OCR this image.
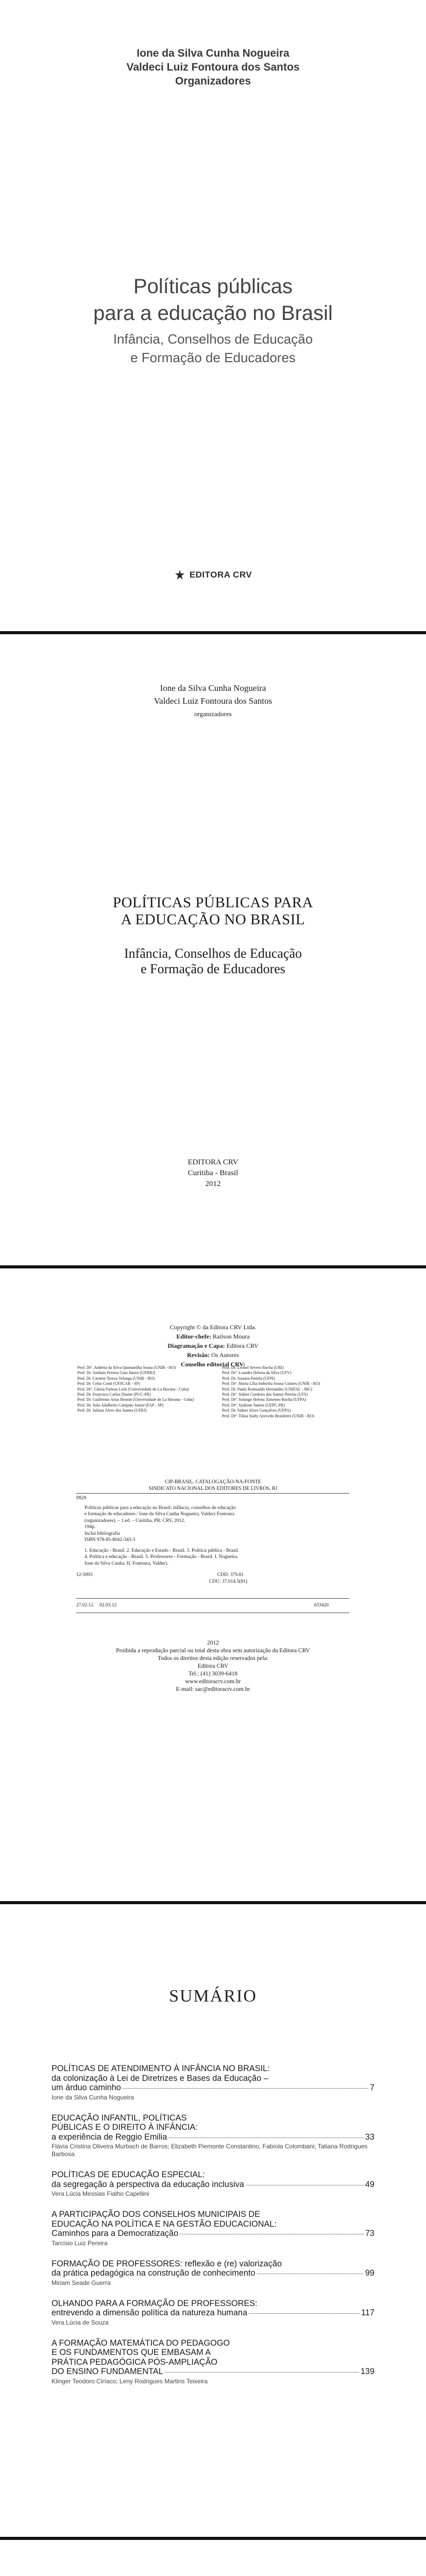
Ione da Silva Cunha Nogueira
Valdeci Luiz Fontoura dos Santos
Organizadores
Políticas públicas
para a educação no Brasil
Infância, Conselhos de Educação
e Formação de Educadores
EDITORA CRV
Ione da Silva Cunha Nogueira
Valdeci Luiz Fontoura dos Santos
organizadores
POLÍTICAS PÚBLICAS PARA
A EDUCAÇÃO NO BRASIL
Infância, Conselhos de Educação
e Formação de Educadores
EDITORA CRV
Curitiba - Brasil
2012
Copyright © da Editora CRV Ltda.
Editor-chefe: Railson Moura
Diagramação e Capa: Editora CRV
Revisão: Os Autores
Conselho editorial CRV:
Prof. Drª. Andréia da Silva Quintanilha Sousa (UNIR - RO)
Prof. Dr. Antônio Pereira Gaio Júnior (UFRRJ)
Prof. Dr. Carmen Tereza Velanga (UNIR - RO)
Prof. Dr. Celso Conti (UFSCAR - SP)
Prof. Drª. Gloria Farinas León (Universidade de La Havana - Cuba)
Prof. Dr. Francisco Carlos Duarte (PUC-PR)
Prof. Dr. Guillermo Arias Beatón (Universidade de La Havana - Cuba)
Prof. Dr. João Adalberto Campato Junior (FAP - SP)
Prof. Dr. Jailson Alves dos Santos (UFRJ)
Prof. Dr. Leonel Severo Rocha (URI)
Prof. Drª. Lourdes Helena da Silva (UFV)
Prof. Dr. Josania Portela (UFPI)
Prof. Drª. Maria Lília Imbiriba Sousa Colares (UNIR - RO)
Prof. Dr. Paulo Romualdo Hernandes (UNIFAL - MG)
Prof. Drª. Sídnei Cordeiro dos Santos Pereira (UFS)
Prof. Drª. Solange Helena Ximenes-Rocha (UFPA)
Prof. Drª. Sydione Santos (UEPG PR)
Prof. Dr. Sidnei Alves Gonçalves (UFPA)
Prof. Drª. Tânia Suely Azevedo Brasileiro (UNIR - RO)
CIP-BRASIL. CATALOGAÇÃO-NA-FONTE
SINDICATO NACIONAL DOS EDITORES DE LIVROS, RJ
P829
Políticas públicas para a educação no Brasil: infância, conselhos de educação
e formação de educadores / Ione da Silva Cunha Nogueira, Valdeci Fontoura
(organizadores). – 1.ed. – Curitiba, PR: CRV, 2012.
194p.
Inclui bibliografia
ISBN 978-85-8042-343-3
1. Educação - Brasil. 2. Educação e Estado - Brasil. 3. Política pública - Brasil.
4. Política e educação - Brasil. 5. Professores - Formação - Brasil. I. Nogueira,
Ione da Silva Cunha. II. Fontoura, Valdeci.
12-5993	CDD: 379.81
CDU: 37.014.5(81)
27.02.12 02.03.12	033420
2012
Proibida a reprodução parcial ou total desta obra sem autorização da Editora CRV
Todos os direitos desta edição reservados pela:
Editora CRV
Tel.: (41) 3039-6418
www.editoracrv.com.br
E-mail: sac@editoracrv.com.br
SUMÁRIO
POLÍTICAS DE ATENDIMENTO À INFÂNCIA NO BRASIL:
da colonização à Lei de Diretrizes e Bases da Educação –
um árduo caminho	7
Ione da Silva Cunha Nogueira
EDUCAÇÃO INFANTIL, POLÍTICAS
PÚBLICAS E O DIREITO À INFÂNCIA:
a experiência de Reggio Emilia	33
Flávia Cristina Oliveira Murbach de Barros; Elizabeth Piemonte Constantino, Fabíola Colombani; Tatiana Rodrigues Barbosa
POLÍTICAS DE EDUCAÇÃO ESPECIAL:
da segregação à perspectiva da educação inclusiva	49
Vera Lúcia Messias Fialho Capellini
A PARTICIPAÇÃO DOS CONSELHOS MUNICIPAIS DE
EDUCAÇÃO NA POLÍTICA E NA GESTÃO EDUCACIONAL:
Caminhos para a Democratização	73
Tarcísio Luiz Pereira
FORMAÇÃO DE PROFESSORES: reflexão e (re) valorização
da prática pedagógica na construção de conhecimento	99
Miriam Seade Guerra
OLHANDO PARA A FORMAÇÃO DE PROFESSORES:
entrevendo a dimensão política da natureza humana	117
Vera Lúcia de Souza
A FORMAÇÃO MATEMÁTICA DO PEDAGOGO
E OS FUNDAMENTOS QUE EMBASAM A
PRÁTICA PEDAGÓGICA PÓS-AMPLIAÇÃO
DO ENSINO FUNDAMENTAL	139
Klinger Teodoro Ciríaco; Leny Rodrigues Martins Teixeira
